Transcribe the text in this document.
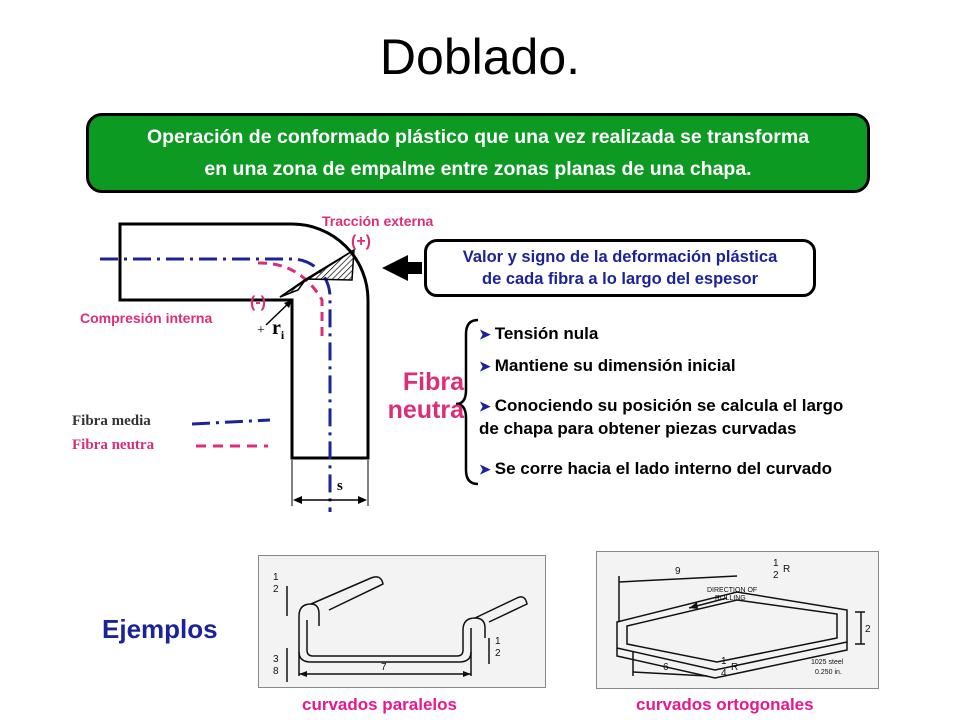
Doblado.
Operación de conformado plástico que una vez realizada se transforma
en una zona de empalme entre zonas planas de una chapa.
Tracción externa
(+)
Compresión interna
(-)
+ $r_i$
s
Fibra media
Fibra neutra
Valor y signo de la deformación plástica
de cada fibra a lo largo del espesor
Fibra
neutra
➤ Tensión nula
➤ Mantiene su dimensión inicial
➤ Conociendo su posición se calcula el largo
de chapa para obtener piezas curvadas
➤ Se corre hacia el lado interno del curvado
Ejemplos
1
2
7
3
8
1
2
9
1
2
R
2
6
1
4
R
DIRECTION OF
ROLLING
1025 steel
0.250 in.
curvados paralelos	curvados ortogonales
